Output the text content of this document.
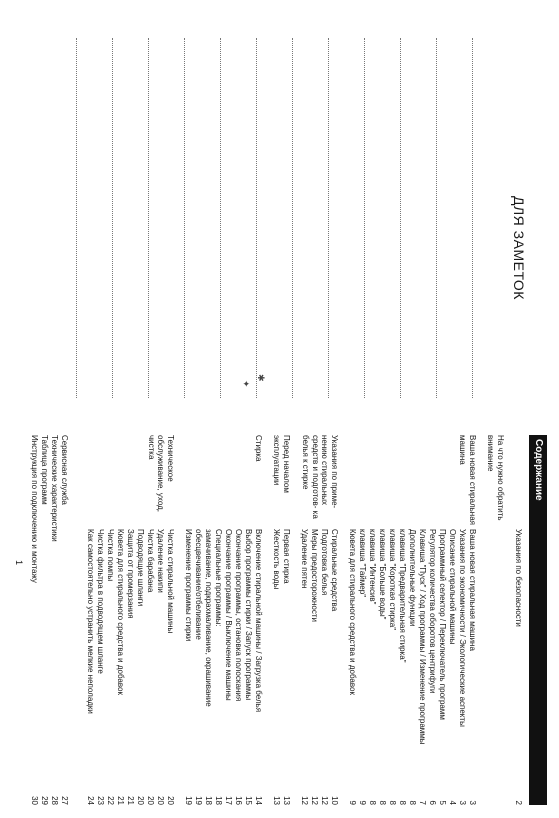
ДЛЯ ЗАМЕТОК
✱
✦
Содержание
Указания по безопасности
2
На что нужно обратить внимание
Ваша новая стиральная машина
Ваша новая стиральная машина
3
Указания по экономичности / Экологические аспекты
3
Описание стиральной машины
4
Программный селектор / Переключатель программ
5
Регулятор количества оборотов центрифуги
6
Клавиша "Пуск" / Ход программы / Изменение программы
7
Дополнительные функции
8
клавиша "Предварительная стирка"
8
клавиша "Короткая стирка"
8
клавиша "Больше воды"
8
клавиша "Интенсив"
8
клавиша "Таймер"
9
Кювета для стирального средства и добавок
9
Указания по приме- нению стиральных средств и подготов- ка белья к стирке
Стиральные средства
10
Подготовка белья
12
Меры предосторожности
12
Удаление пятен
12
Перед началом эксплуатации
Первая стирка
13
Жесткость воды
13
Стирка
Включение стиральной машины / Загрузка белья
14
Выбор программы стирки / Запуск программы
15
Окончание программы, остановка полоскания
16
Окончание программы / Выключение машины
17
Специальные программы:
18
замачивание, подкрахмаливание, окрашивание
18
обесцвечивание/отбеливание
19
Изменение программы стирки
19
Техническое обслуживание, уход, чистка
Чистка стиральной машины
20
Удаление накипи
20
Чистка барабана
20
Подводящие шланги
20
Защита от промерзания
21
Кювета для стирального средства и добавок
21
Чистка помпы
22
Чистка фильтра в подводящем шланге
23
Как самостоятельно устранить мелкие неполадки
24
Сервисная служба
27
Технические характеристики
28
Таблица программ
29
Инструкция по подключению и монтажу
30
1
